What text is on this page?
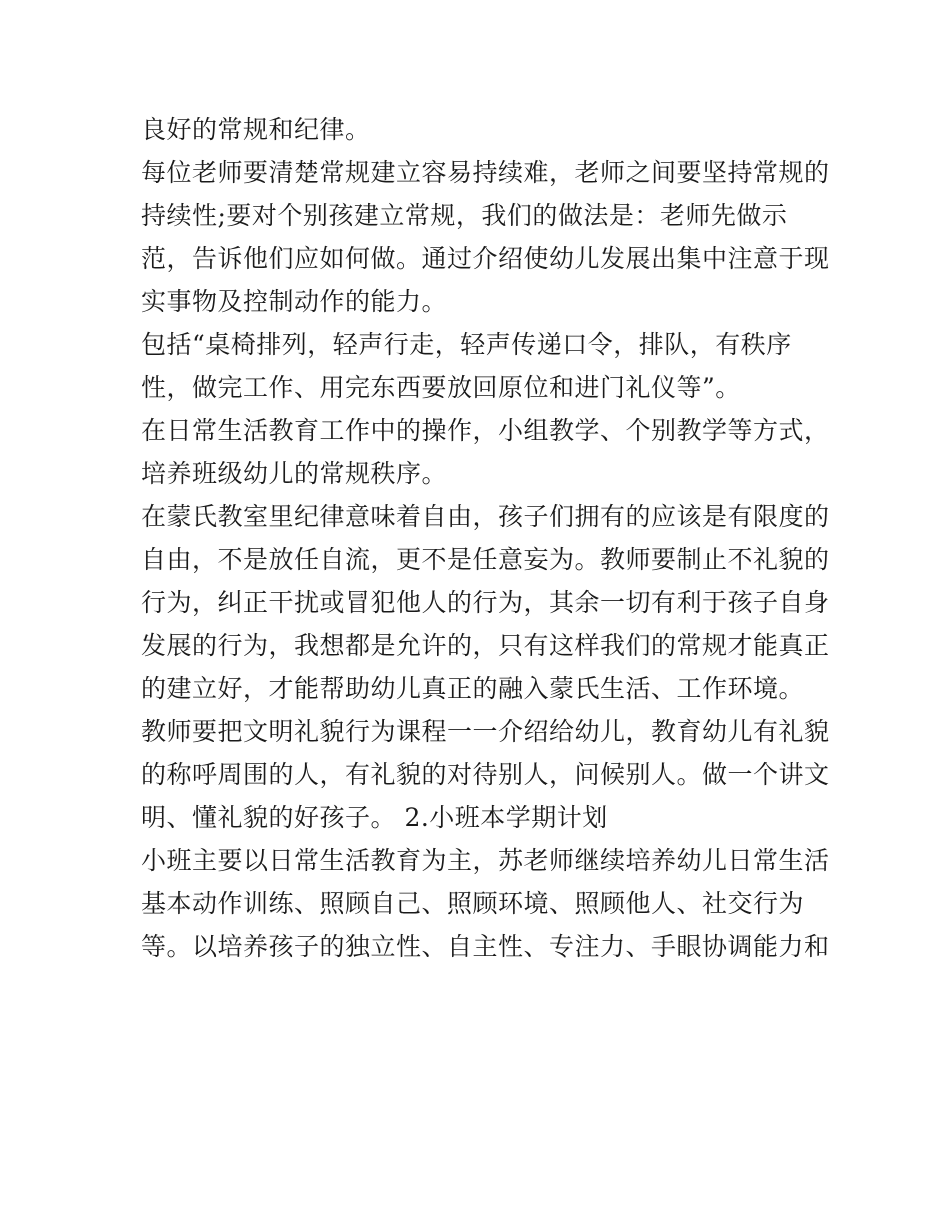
良好的常规和纪律。
每位老师要清楚常规建立容易持续难，老师之间要坚持常规的
持续性;要对个别孩建立常规，我们的做法是：老师先做示
范，告诉他们应如何做。通过介绍使幼儿发展出集中注意于现
实事物及控制动作的能力。
包括“桌椅排列，轻声行走，轻声传递口令，排队，有秩序
性，做完工作、用完东西要放回原位和进门礼仪等”。
在日常生活教育工作中的操作，小组教学、个别教学等方式，
培养班级幼儿的常规秩序。
在蒙氏教室里纪律意味着自由，孩子们拥有的应该是有限度的
自由，不是放任自流，更不是任意妄为。教师要制止不礼貌的
行为，纠正干扰或冒犯他人的行为，其余一切有利于孩子自身
发展的行为，我想都是允许的，只有这样我们的常规才能真正
的建立好，才能帮助幼儿真正的融入蒙氏生活、工作环境。
教师要把文明礼貌行为课程一一介绍给幼儿，教育幼儿有礼貌
的称呼周围的人，有礼貌的对待别人，问候别人。做一个讲文
明、懂礼貌的好孩子。 2.小班本学期计划
小班主要以日常生活教育为主，苏老师继续培养幼儿日常生活
基本动作训练、照顾自己、照顾环境、照顾他人、社交行为
等。以培养孩子的独立性、自主性、专注力、手眼协调能力和
